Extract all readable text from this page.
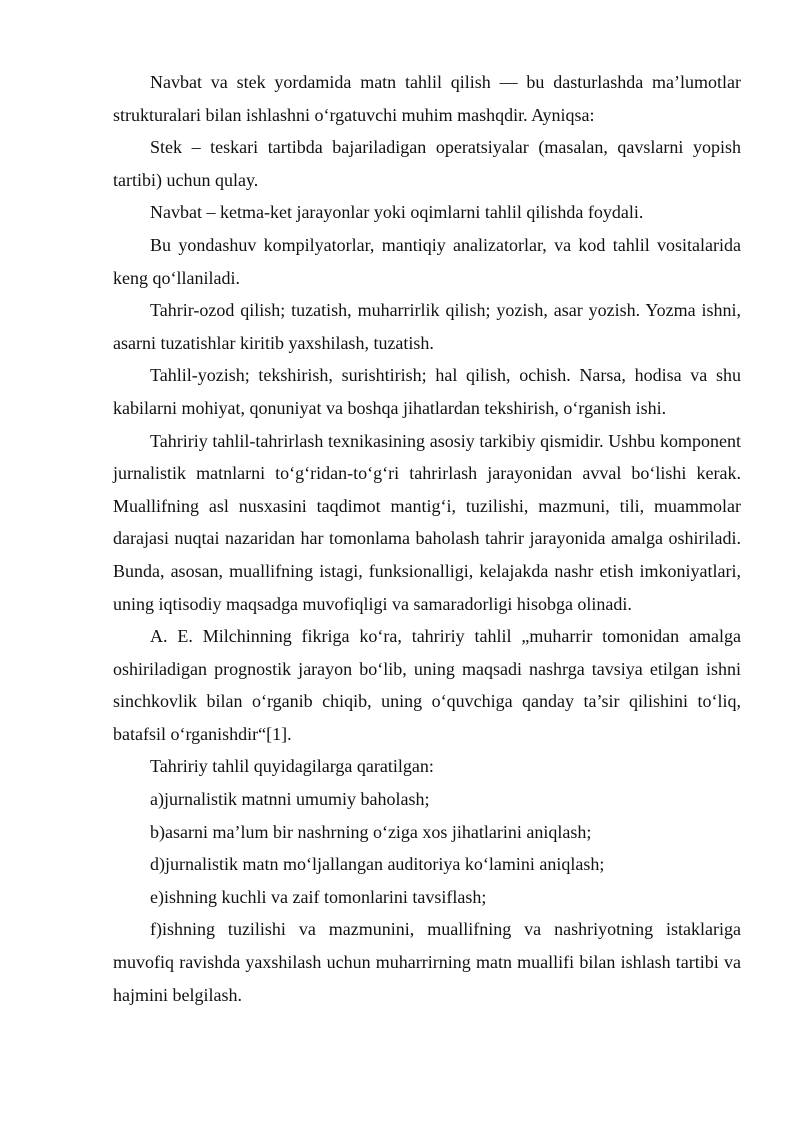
Navbat va stek yordamida matn tahlil qilish — bu dasturlashda ma’lumotlar strukturalari bilan ishlashni o‘rgatuvchi muhim mashqdir. Ayniqsa:

Stek – teskari tartibda bajariladigan operatsiyalar (masalan, qavslarni yopish tartibi) uchun qulay.

Navbat – ketma-ket jarayonlar yoki oqimlarni tahlil qilishda foydali.

Bu yondashuv kompilyatorlar, mantiqiy analizatorlar, va kod tahlil vositalarida keng qo‘llaniladi.

Tahrir-ozod qilish; tuzatish, muharrirlik qilish; yozish, asar yozish. Yozma ishni, asarni tuzatishlar kiritib yaxshilash, tuzatish.

Tahlil-yozish; tekshirish, surishtirish; hal qilish, ochish. Narsa, hodisa va shu kabilarni mohiyat, qonuniyat va boshqa jihatlardan tekshirish, o‘rganish ishi.

Tahririy tahlil-tahrirlash texnikasining asosiy tarkibiy qismidir. Ushbu komponent jurnalistik matnlarni to‘g‘ridan-to‘g‘ri tahrirlash jarayonidan avval bo‘lishi kerak. Muallifning asl nusxasini taqdimot mantig‘i, tuzilishi, mazmuni, tili, muammolar darajasi nuqtai nazaridan har tomonlama baholash tahrir jarayonida amalga oshiriladi. Bunda, asosan, muallifning istagi, funksionalligi, kelajakda nashr etish imkoniyatlari, uning iqtisodiy maqsadga muvofiqligi va samaradorligi hisobga olinadi.

A. E. Milchinning fikriga ko‘ra, tahririy tahlil „muharrir tomonidan amalga oshiriladigan prognostik jarayon bo‘lib, uning maqsadi nashrga tavsiya etilgan ishni sinchkovlik bilan o‘rganib chiqib, uning o‘quvchiga qanday ta’sir qilishini to‘liq, batafsil o‘rganishdir“[1].

Tahririy tahlil quyidagilarga qaratilgan:

a)jurnalistik matnni umumiy baholash;

b)asarni ma’lum bir nashrning o‘ziga xos jihatlarini aniqlash;

d)jurnalistik matn mo‘ljallangan auditoriya ko‘lamini aniqlash;

e)ishning kuchli va zaif tomonlarini tavsiflash;

f)ishning tuzilishi va mazmunini, muallifning va nashriyotning istaklariga muvofiq ravishda yaxshilash uchun muharrirning matn muallifi bilan ishlash tartibi va hajmini belgilash.
